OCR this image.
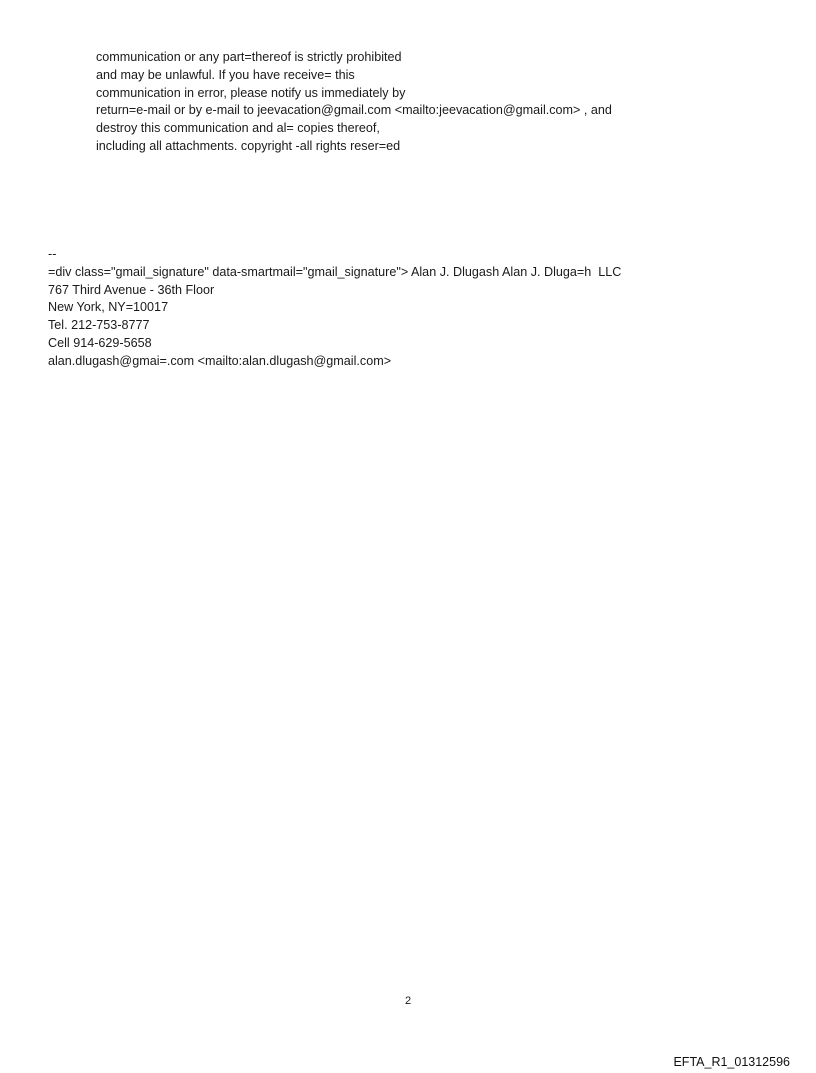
communication or any part=thereof is strictly prohibited
and may be unlawful. If you have receive= this
communication in error, please notify us immediately by
return=e-mail or by e-mail to jeevacation@gmail.com <mailto:jeevacation@gmail.com> , and
destroy this communication and al= copies thereof,
including all attachments. copyright -all rights reser=ed
--
=div class="gmail_signature" data-smartmail="gmail_signature"> Alan J. Dlugash Alan J. Dluga=h  LLC
767 Third Avenue - 36th Floor
New York, NY=10017
Tel. 212-753-8777
Cell 914-629-5658
alan.dlugash@gmai=.com <mailto:alan.dlugash@gmail.com>
2
EFTA_R1_01312596
